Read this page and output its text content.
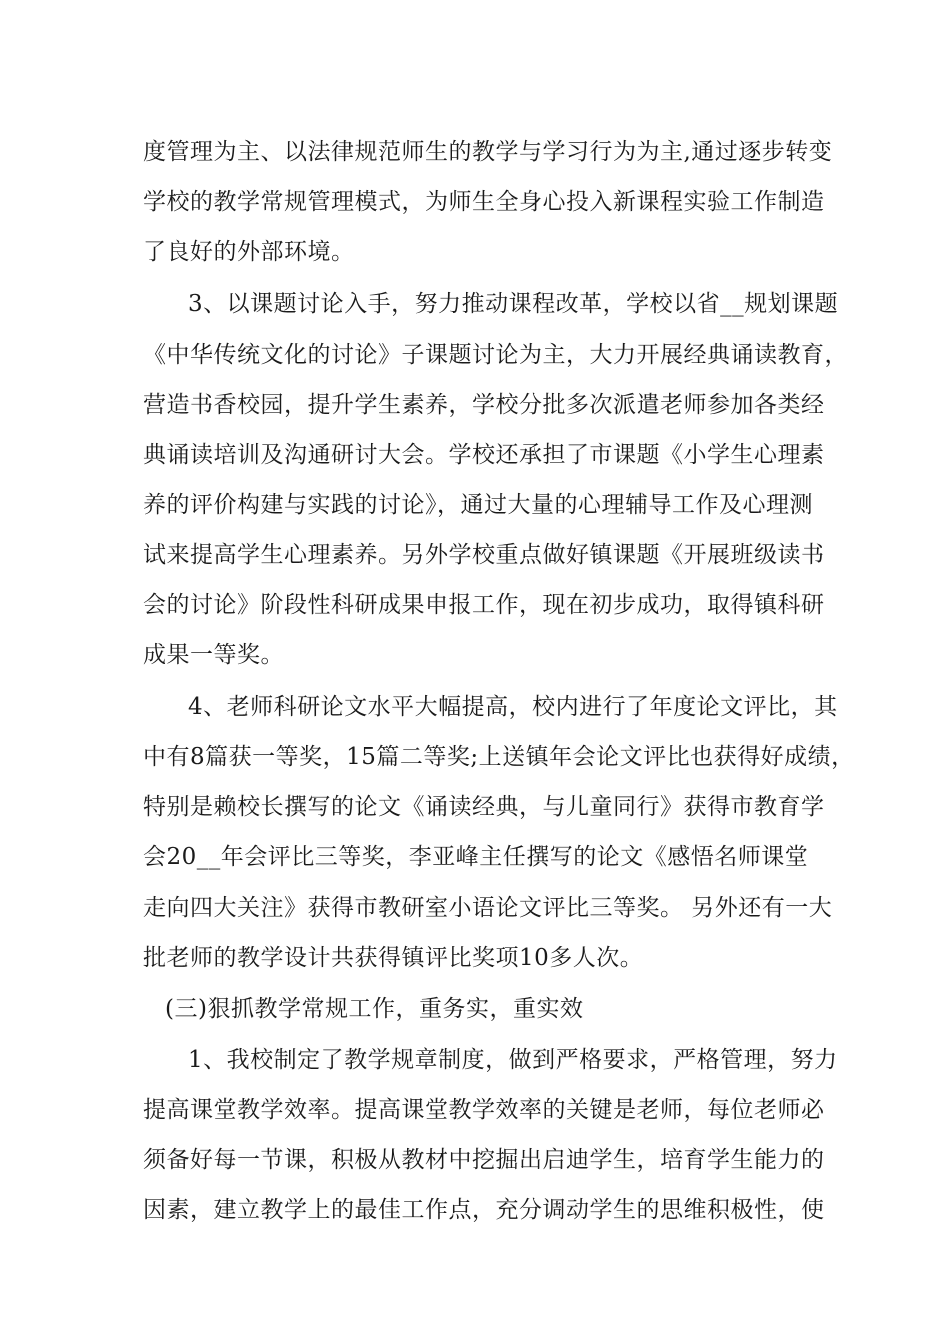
度管理为主、以法律规范师生的教学与学习行为为主,通过逐步转变
学校的教学常规管理模式，为师生全身心投入新课程实验工作制造
了良好的外部环境。
3、以课题讨论入手，努力推动课程改革，学校以省__规划课题
《中华传统文化的讨论》子课题讨论为主，大力开展经典诵读教育，
营造书香校园，提升学生素养，学校分批多次派遣老师参加各类经
典诵读培训及沟通研讨大会。学校还承担了市课题《小学生心理素
养的评价构建与实践的讨论》，通过大量的心理辅导工作及心理测
试来提高学生心理素养。另外学校重点做好镇课题《开展班级读书
会的讨论》阶段性科研成果申报工作，现在初步成功，取得镇科研
成果一等奖。
4、老师科研论文水平大幅提高，校内进行了年度论文评比，其
中有8篇获一等奖，15篇二等奖;上送镇年会论文评比也获得好成绩，
特别是赖校长撰写的论文《诵读经典，与儿童同行》获得市教育学
会20__年会评比三等奖，李亚峰主任撰写的论文《感悟名师课堂
走向四大关注》获得市教研室小语论文评比三等奖。 另外还有一大
批老师的教学设计共获得镇评比奖项10多人次。
(三)狠抓教学常规工作，重务实，重实效
1、我校制定了教学规章制度，做到严格要求，严格管理，努力
提高课堂教学效率。提高课堂教学效率的关键是老师，每位老师必
须备好每一节课，积极从教材中挖掘出启迪学生，培育学生能力的
因素，建立教学上的最佳工作点，充分调动学生的思维积极性，使
